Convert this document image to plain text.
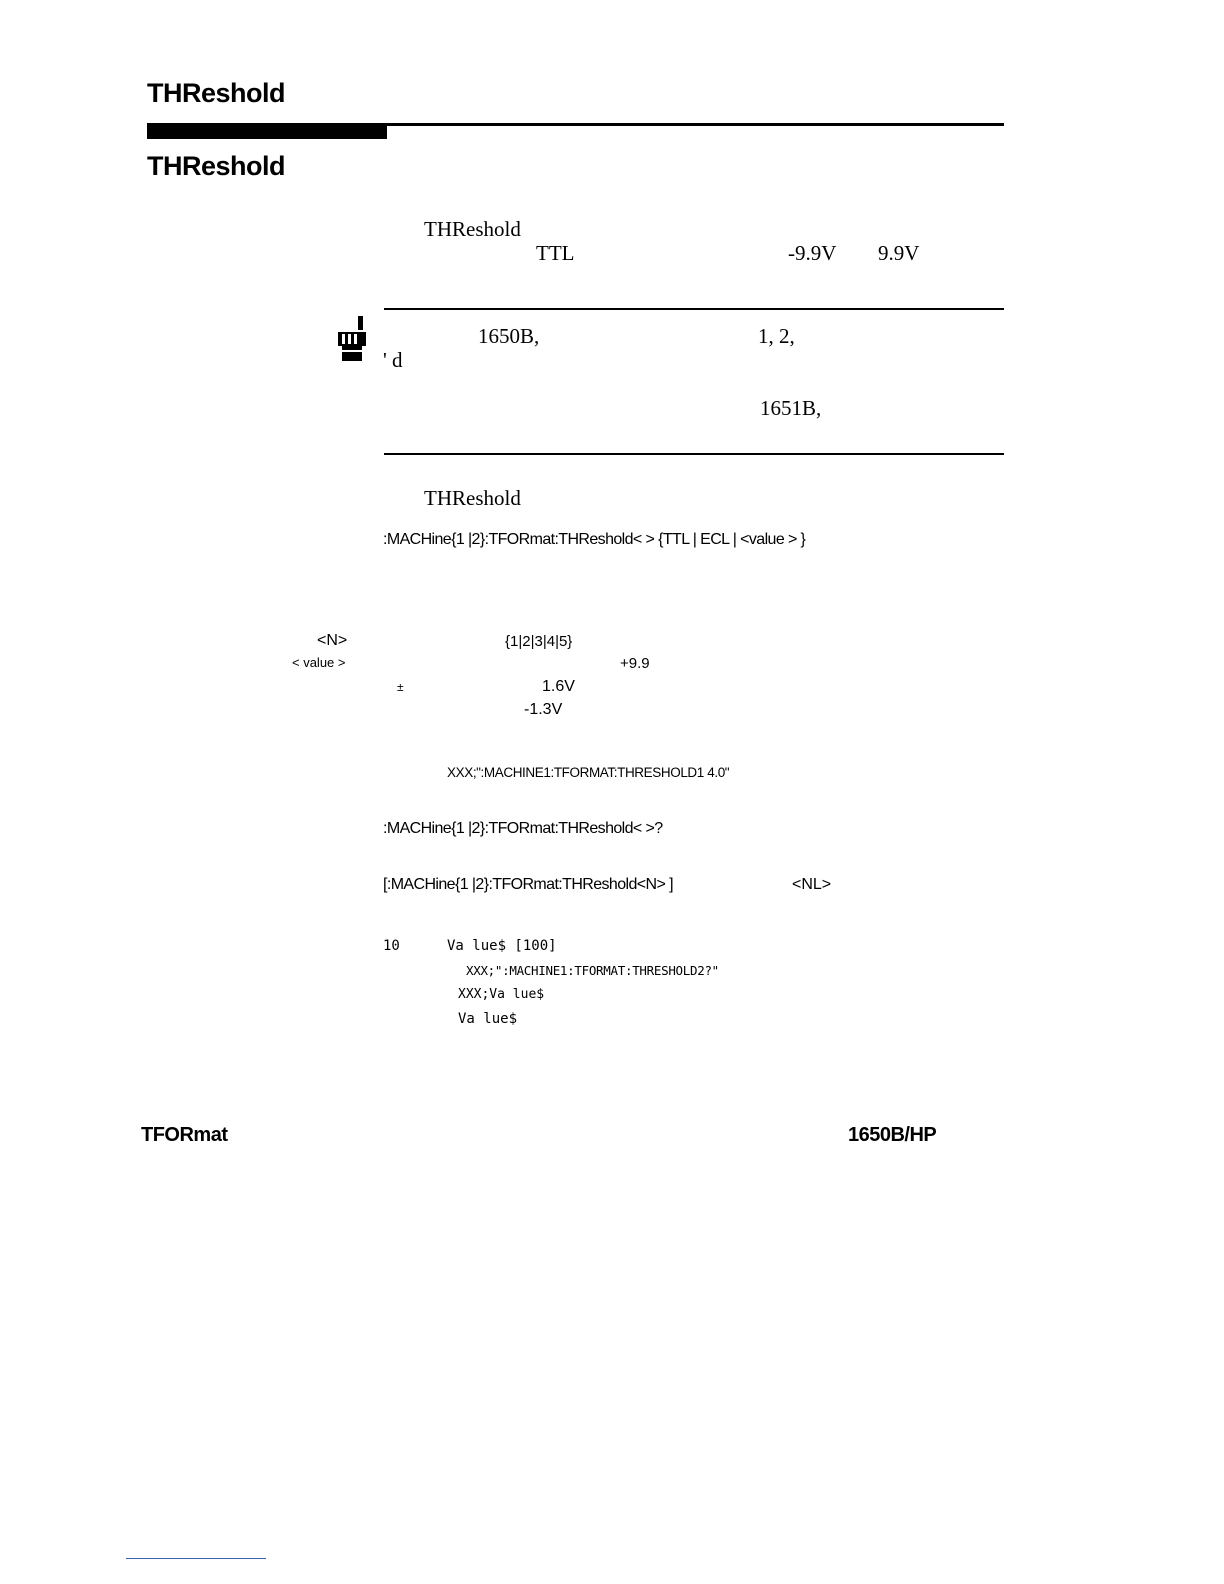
THReshold
THReshold
THReshold
TTL	-9.9V 9.9V
1650B,	1, 2,
' d
1651B,
THReshold
:MACHine{1 |2}:TFORmat:THReshold< > {TTL | ECL | <value > }
<N>	{1|2|3|4|5}
< value >	+9.9
±	1.6V
-1.3V
XXX;":MACHINE1:TFORMAT:THRESHOLD1 4.0"
:MACHine{1 |2}:TFORmat:THReshold< >?
[:MACHine{1 |2}:TFORmat:THReshold<N> ]	<NL>
10	Va lue$ [100]
XXX;":MACHINE1:TFORMAT:THRESHOLD2?"
XXX;Va lue$
Va lue$
TFORmat	1650B/HP
